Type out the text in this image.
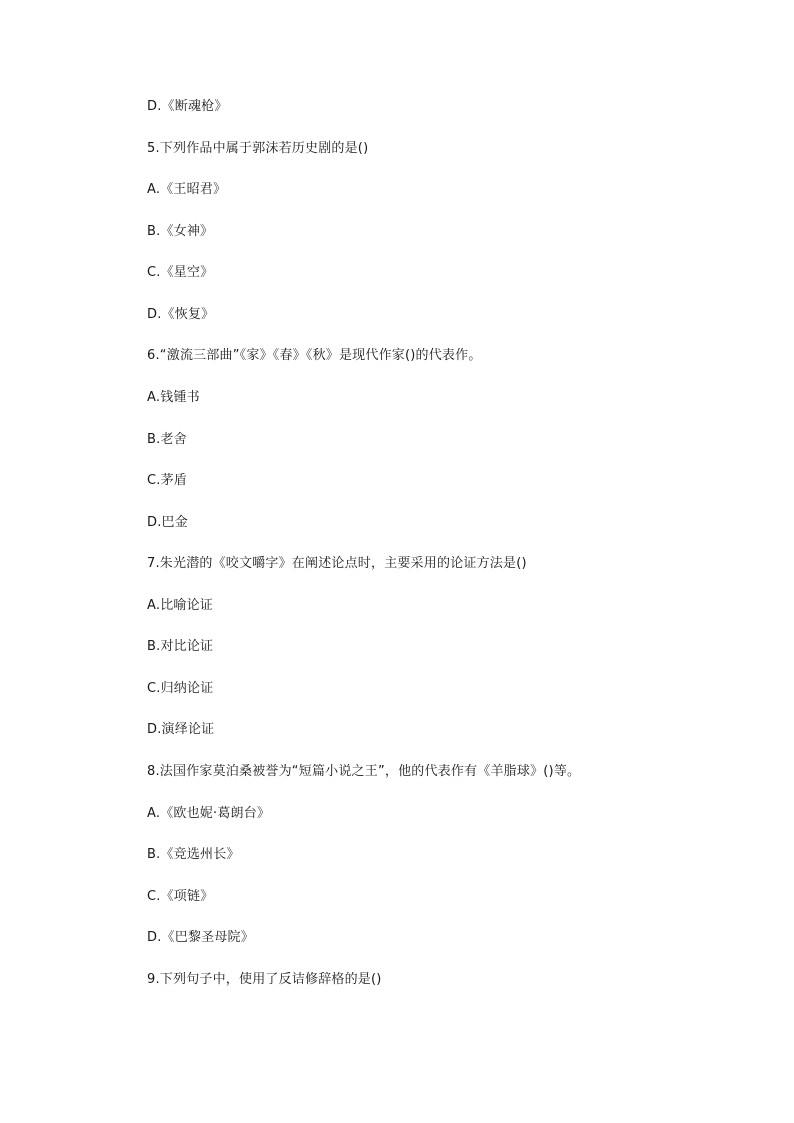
D.《断魂枪》
5.下列作品中属于郭沫若历史剧的是()
A.《王昭君》
B.《女神》
C.《星空》
D.《恢复》
6.“激流三部曲”《家》《春》《秋》是现代作家()的代表作。
A.钱锺书
B.老舍
C.茅盾
D.巴金
7.朱光潜的《咬文嚼字》在阐述论点时，主要采用的论证方法是()
A.比喻论证
B.对比论证
C.归纳论证
D.演绎论证
8.法国作家莫泊桑被誉为“短篇小说之王”，他的代表作有《羊脂球》()等。
A.《欧也妮·葛朗台》
B.《竞选州长》
C.《项链》
D.《巴黎圣母院》
9.下列句子中，使用了反诘修辞格的是()
